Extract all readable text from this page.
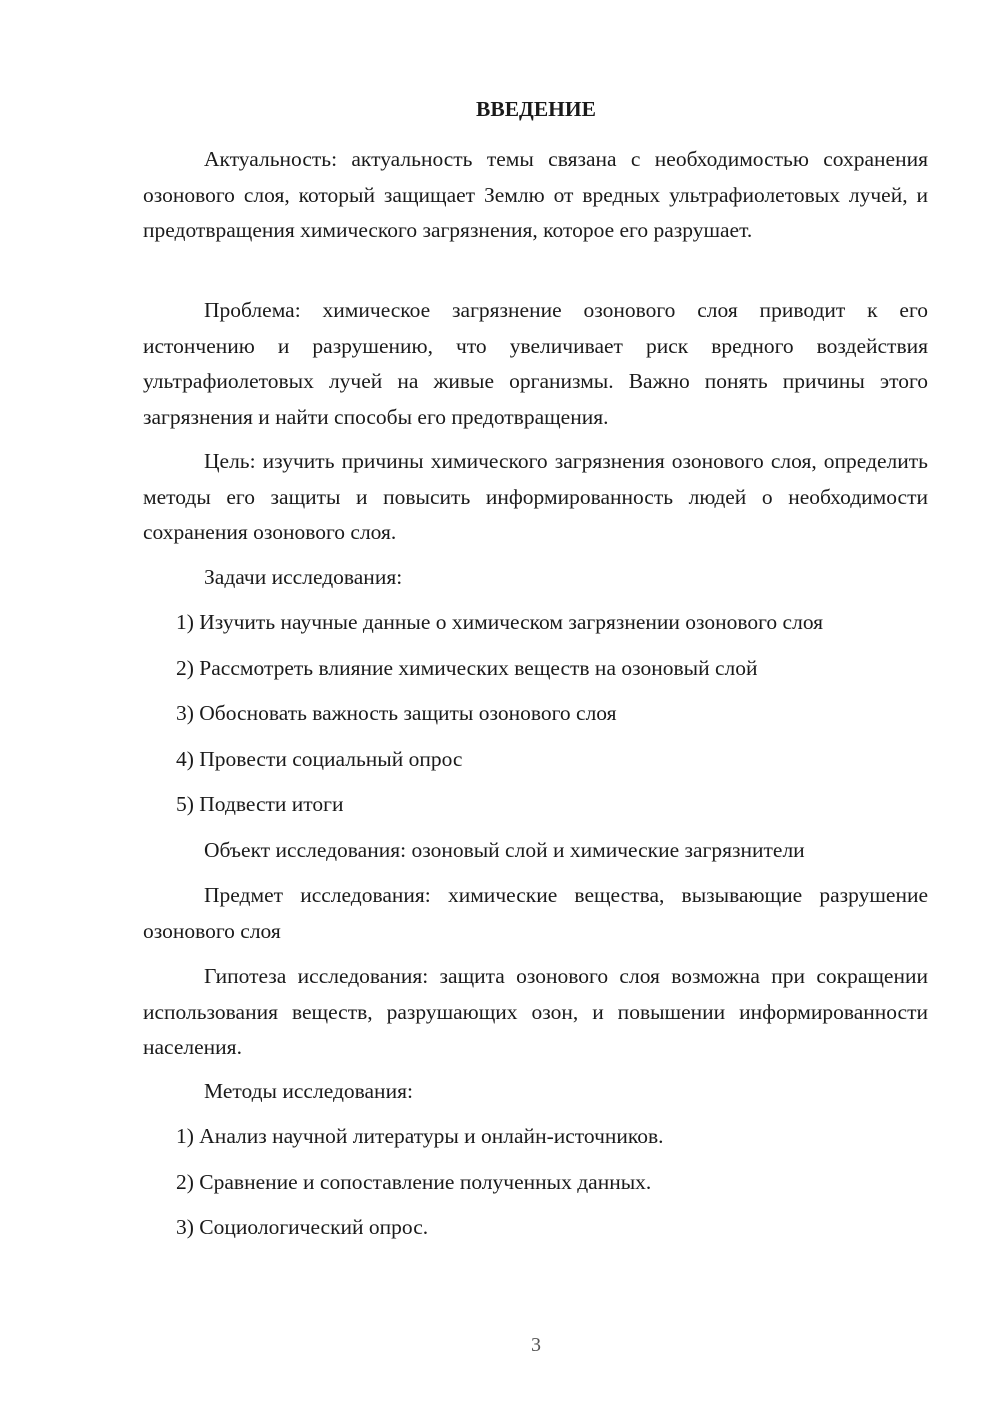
ВВЕДЕНИЕ

Актуальность: актуальность темы связана с необходимостью сохранения озонового слоя, который защищает Землю от вредных ультрафиолетовых лучей, и предотвращения химического загрязнения, которое его разрушает.

Проблема: химическое загрязнение озонового слоя приводит к его истончению и разрушению, что увеличивает риск вредного воздействия ультрафиолетовых лучей на живые организмы. Важно понять причины этого загрязнения и найти способы его предотвращения.

Цель: изучить причины химического загрязнения озонового слоя, определить методы его защиты и повысить информированность людей о необходимости сохранения озонового слоя.

Задачи исследования:

1) Изучить научные данные о химическом загрязнении озонового слоя

2) Рассмотреть влияние химических веществ на озоновый слой

3) Обосновать важность защиты озонового слоя

4) Провести социальный опрос

5) Подвести итоги

Объект исследования: озоновый слой и химические загрязнители

Предмет исследования: химические вещества, вызывающие разрушение озонового слоя

Гипотеза исследования: защита озонового слоя возможна при сокращении использования веществ, разрушающих озон, и повышении информированности населения.

Методы исследования:

1) Анализ научной литературы и онлайн-источников.

2) Сравнение и сопоставление полученных данных.

3) Социологический опрос.

3
